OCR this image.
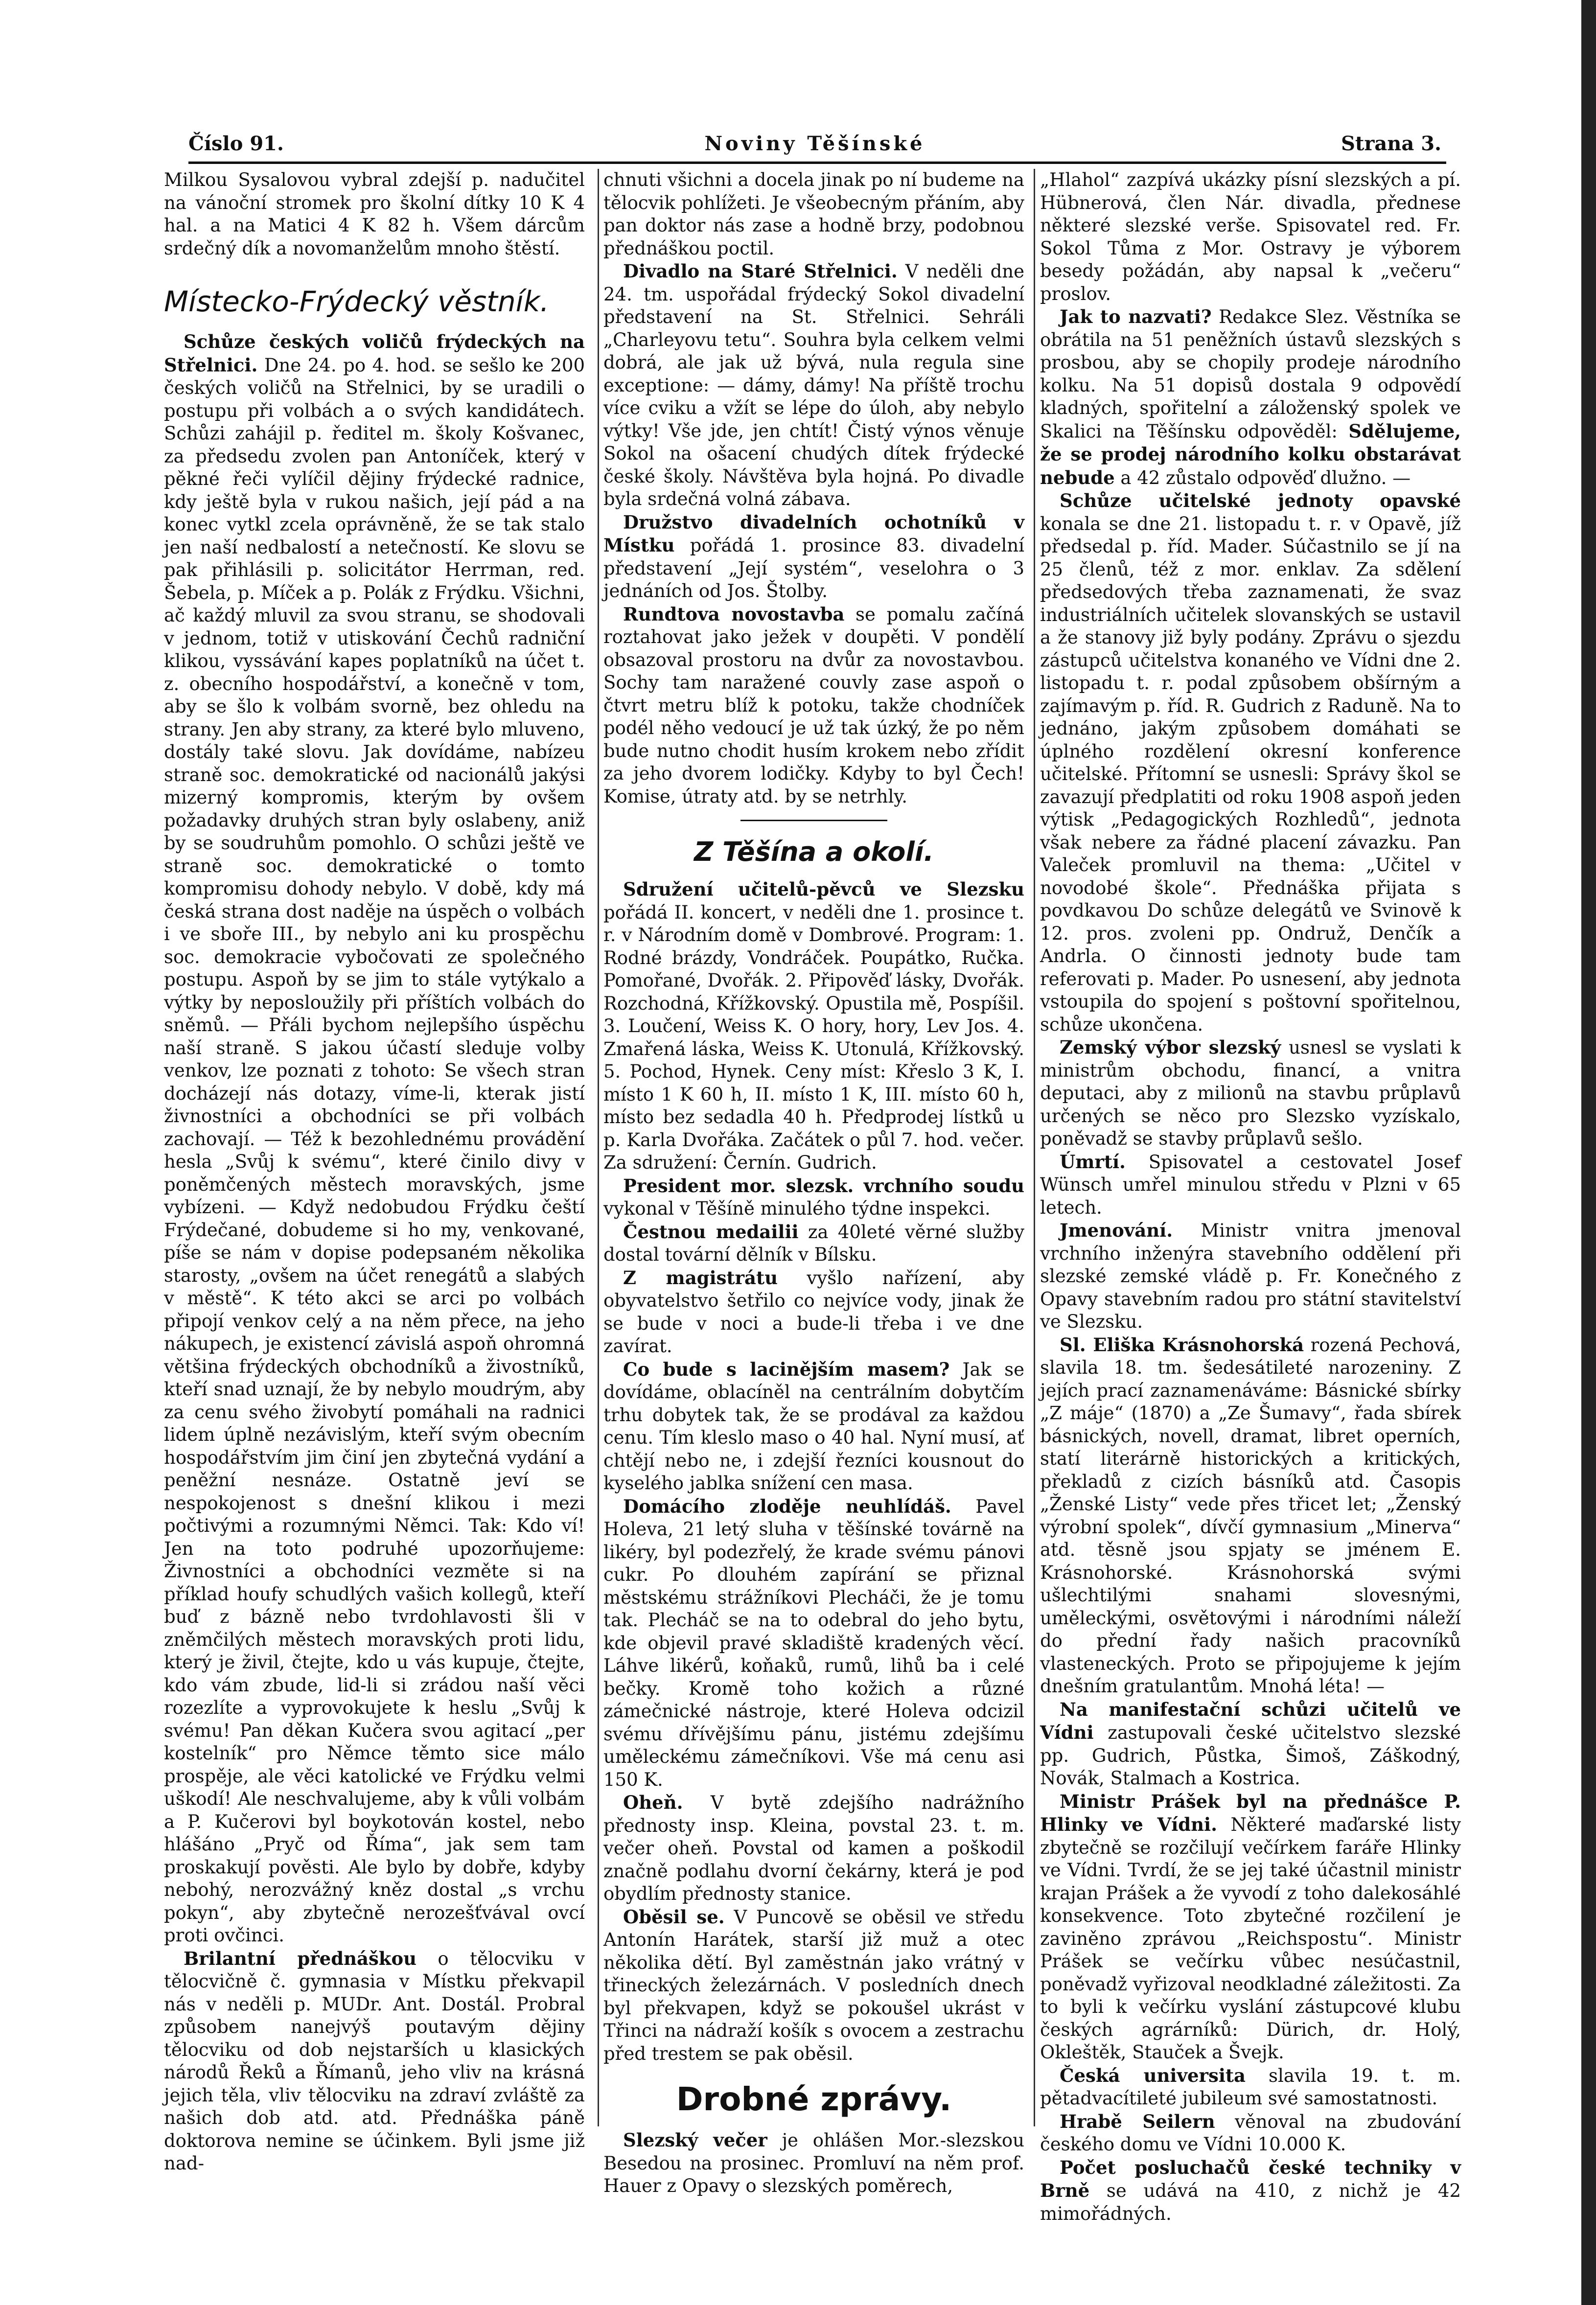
Číslo 91.	Noviny Těšínské	Strana 3.

Milkou Sysalovou vybral zdejší p. nadučitel na vánoční stromek pro školní dítky 10 K 4 hal. a na Matici 4 K 82 h. Všem dárcům srdečný dík a novomanželům mnoho štěstí.

Místecko-Frýdecký věstník.

Schůze českých voličů frýdeckých na Střelnici. Dne 24. po 4. hod. se sešlo ke 200 českých voličů na Střelnici, by se uradili o postupu při volbách a o svých kandidátech. Schůzi zahájil p. ředitel m. školy Košvanec, za předsedu zvolen pan Antoníček, který v pěkné řeči vylíčil dějiny frýdecké radnice, kdy ještě byla v rukou našich, její pád a na konec vytkl zcela oprávněně, že se tak stalo jen naší nedbalostí a netečností. Ke slovu se pak přihlásili p. solicitátor Herrman, red. Šebela, p. Míček a p. Polák z Frýdku. Všichni, ač každý mluvil za svou stranu, se shodovali v jednom, totiž v utiskování Čechů radniční klikou, vyssávání kapes poplatníků na účet t. z. obecního hospodářství, a konečně v tom, aby se šlo k volbám svorně, bez ohledu na strany. Jen aby strany, za které bylo mluveno, dostály také slovu. Jak dovídáme, nabízeu straně soc. demokratické od nacionálů jakýsi mizerný kompromis, kterým by ovšem požadavky druhých stran byly oslabeny, aniž by se soudruhům pomohlo. O schůzi ještě ve straně soc. demokratické o tomto kompromisu dohody nebylo. V době, kdy má česká strana dost naděje na úspěch o volbách i ve sboře III., by nebylo ani ku prospěchu soc. demokracie vybočovati ze společného postupu. Aspoň by se jim to stále vytýkalo a výtky by neposloužily při příštích volbách do sněmů. — Přáli bychom nejlepšího úspěchu naší straně. S jakou účastí sleduje volby venkov, lze poznati z tohoto: Se všech stran docházejí nás dotazy, víme-li, kterak jistí živnostníci a obchodníci se při volbách zachovají. — Též k bezohlednému provádění hesla „Svůj k svému“, které činilo divy v poněmčených městech moravských, jsme vybízeni. — Když nedobudou Frýdku čeští Frýdečané, dobudeme si ho my, venkované, píše se nám v dopise podepsaném několika starosty, „ovšem na účet renegátů a slabých v městě“. K této akci se arci po volbách připojí venkov celý a na něm přece, na jeho nákupech, je existencí závislá aspoň ohromná většina frýdeckých obchodníků a živostníků, kteří snad uznají, že by nebylo moudrým, aby za cenu svého živobytí pomáhali na radnici lidem úplně nezávislým, kteří svým obecním hospodářstvím jim činí jen zbytečná vydání a peněžní nesnáze. Ostatně jeví se nespokojenost s dnešní klikou i mezi počtivými a rozumnými Němci. Tak: Kdo ví! Jen na toto podruhé upozorňujeme: Živnostníci a obchodníci vezměte si na příklad houfy schudlých vašich kollegů, kteří buď z bázně nebo tvrdohlavosti šli v zněmčilých městech moravských proti lidu, který je živil, čtejte, kdo u vás kupuje, čtejte, kdo vám zbude, lid-li si zrádou naší věci rozezlíte a vyprovokujete k heslu „Svůj k svému! Pan děkan Kučera svou agitací „per kostelník“ pro Němce těmto sice málo prospěje, ale věci katolické ve Frýdku velmi uškodí! Ale neschvalujeme, aby k vůli volbám a P. Kučerovi byl boykotován kostel, nebo hlášáno „Pryč od Říma“, jak sem tam proskakují pověsti. Ale bylo by dobře, kdyby nebohý, nerozvážný kněz dostal „s vrchu pokyn“, aby zbytečně nerozešťvával ovcí proti ovčinci.

Brilantní přednáškou o tělocviku v tělocvičně č. gymnasia v Místku překvapil nás v neděli p. MUDr. Ant. Dostál. Probral způsobem nanejvýš poutavým dějiny tělocviku od dob nejstarších u klasických národů Řeků a Římanů, jeho vliv na krásná jejich těla, vliv tělocviku na zdraví zvláště za našich dob atd. atd. Přednáška páně doktorova nemine se účinkem. Byli jsme již nad-

chnuti všichni a docela jinak po ní budeme na tělocvik pohlížeti. Je všeobecným přáním, aby pan doktor nás zase a hodně brzy, podobnou přednáškou poctil.

Divadlo na Staré Střelnici. V neděli dne 24. tm. uspořádal frýdecký Sokol divadelní představení na St. Střelnici. Sehráli „Charleyovu tetu“. Souhra byla celkem velmi dobrá, ale jak už bývá, nula regula sine exceptione: — dámy, dámy! Na příště trochu více cviku a vžít se lépe do úloh, aby nebylo výtky! Vše jde, jen chtít! Čistý výnos věnuje Sokol na ošacení chudých dítek frýdecké české školy. Návštěva byla hojná. Po divadle byla srdečná volná zábava.

Družstvo divadelních ochotníků v Místku pořádá 1. prosince 83. divadelní představení „Její systém“, veselohra o 3 jednáních od Jos. Štolby.

Rundtova novostavba se pomalu začíná roztahovat jako ježek v doupěti. V pondělí obsazoval prostoru na dvůr za novostavbou. Sochy tam naražené couvly zase aspoň o čtvrt metru blíž k potoku, takže chodníček podél něho vedoucí je už tak úzký, že po něm bude nutno chodit husím krokem nebo zřídit za jeho dvorem lodičky. Kdyby to byl Čech! Komise, útraty atd. by se netrhly.

Z Těšína a okolí.

Sdružení učitelů-pěvců ve Slezsku pořádá II. koncert, v neděli dne 1. prosince t. r. v Národním domě v Dombrové. Program: 1. Rodné brázdy, Vondráček. Poupátko, Ručka. Pomořané, Dvořák. 2. Připověď lásky, Dvořák. Rozchodná, Křížkovský. Opustila mě, Pospíšil. 3. Loučení, Weiss K. O hory, hory, Lev Jos. 4. Zmařená láska, Weiss K. Utonulá, Křížkovský. 5. Pochod, Hynek. Ceny míst: Křeslo 3 K, I. místo 1 K 60 h, II. místo 1 K, III. místo 60 h, místo bez sedadla 40 h. Předprodej lístků u p. Karla Dvořáka. Začátek o půl 7. hod. večer. Za sdružení: Černín. Gudrich.

President mor. slezsk. vrchního soudu vykonal v Těšíně minulého týdne inspekci.

Čestnou medailii za 40leté věrné služby dostal tovární dělník v Bílsku.

Z magistrátu vyšlo nařízení, aby obyvatelstvo šetřilo co nejvíce vody, jinak že se bude v noci a bude-li třeba i ve dne zavírat.

Co bude s lacinějším masem? Jak se dovídáme, oblacíněl na centrálním dobytčím trhu dobytek tak, že se prodával za každou cenu. Tím kleslo maso o 40 hal. Nyní musí, ať chtějí nebo ne, i zdejší řezníci kousnout do kyselého jablka snížení cen masa.

Domácího zloděje neuhlídáš. Pavel Holeva, 21 letý sluha v těšínské továrně na likéry, byl podezřelý, že krade svému pánovi cukr. Po dlouhém zapírání se přiznal městskému strážníkovi Plecháči, že je tomu tak. Plecháč se na to odebral do jeho bytu, kde objevil pravé skladiště kradených věcí. Láhve likérů, koňaků, rumů, lihů ba i celé bečky. Kromě toho kožich a různé zámečnické nástroje, které Holeva odcizil svému dřívějšímu pánu, jistému zdejšímu uměleckému zámečníkovi. Vše má cenu asi 150 K.

Oheň. V bytě zdejšího nadrážního přednosty insp. Kleina, povstal 23. t. m. večer oheň. Povstal od kamen a poškodil značně podlahu dvorní čekárny, která je pod obydlím přednosty stanice.

Oběsil se. V Puncově se oběsil ve středu Antonín Harátek, starší již muž a otec několika dětí. Byl zaměstnán jako vrátný v třineckých železárnách. V posledních dnech byl překvapen, když se pokoušel ukrást v Třinci na nádraží košík s ovocem a zestrachu před trestem se pak oběsil.

Drobné zprávy.

Slezský večer je ohlášen Mor.-slezskou Besedou na prosinec. Promluví na něm prof. Hauer z Opavy o slezských poměrech,

„Hlahol“ zazpívá ukázky písní slezských a pí. Hübnerová, člen Nár. divadla, přednese některé slezské verše. Spisovatel red. Fr. Sokol Tůma z Mor. Ostravy je výborem besedy požádán, aby napsal k „večeru“ proslov.

Jak to nazvati? Redakce Slez. Věstníka se obrátila na 51 peněžních ústavů slezských s prosbou, aby se chopily prodeje národního kolku. Na 51 dopisů dostala 9 odpovědí kladných, spořitelní a záloženský spolek ve Skalici na Těšínsku odpověděl: Sdělujeme, že se prodej národního kolku obstarávat nebude a 42 zůstalo odpověď dlužno. —

Schůze učitelské jednoty opavské konala se dne 21. listopadu t. r. v Opavě, jíž předsedal p. říd. Mader. Súčastnilo se jí na 25 členů, též z mor. enklav. Za sdělení předsedových třeba zaznamenati, že svaz industriálních učitelek slovanských se ustavil a že stanovy již byly podány. Zprávu o sjezdu zástupců učitelstva konaného ve Vídni dne 2. listopadu t. r. podal způsobem obšírným a zajímavým p. říd. R. Gudrich z Raduně. Na to jednáno, jakým způsobem domáhati se úplného rozdělení okresní konference učitelské. Přítomní se usnesli: Správy škol se zavazují předplatiti od roku 1908 aspoň jeden výtisk „Pedagogických Rozhledů“, jednota však nebere za řádné placení závazku. Pan Valeček promluvil na thema: „Učitel v novodobé škole“. Přednáška přijata s povdkavou Do schůze delegátů ve Svinově k 12. pros. zvoleni pp. Ondruž, Denčík a Andrla. O činnosti jednoty bude tam referovati p. Mader. Po usnesení, aby jednota vstoupila do spojení s poštovní spořitelnou, schůze ukončena.

Zemský výbor slezský usnesl se vyslati k ministrům obchodu, financí, a vnitra deputaci, aby z milionů na stavbu průplavů určených se něco pro Slezsko vyzískalo, poněvadž se stavby průplavů sešlo.

Úmrtí. Spisovatel a cestovatel Josef Wünsch umřel minulou středu v Plzni v 65 letech.

Jmenování. Ministr vnitra jmenoval vrchního inženýra stavebního oddělení při slezské zemské vládě p. Fr. Konečného z Opavy stavebním radou pro státní stavitelství ve Slezsku.

Sl. Eliška Krásnohorská rozená Pechová, slavila 18. tm. šedesátileté narozeniny. Z jejích prací zaznamenáváme: Básnické sbírky „Z máje“ (1870) a „Ze Šumavy“, řada sbírek básnických, novell, dramat, libret operních, statí literárně historických a kritických, překladů z cizích básníků atd. Časopis „Ženské Listy“ vede přes třicet let; „Ženský výrobní spolek“, dívčí gymnasium „Minerva“ atd. těsně jsou spjaty se jménem E. Krásnohorské. Krásnohorská svými ušlechtilými snahami slovesnými, uměleckými, osvětovými i národními náleží do přední řady našich pracovníků vlasteneckých. Proto se připojujeme k jejím dnešním gratulantům. Mnohá léta! —

Na manifestační schůzi učitelů ve Vídni zastupovali české učitelstvo slezské pp. Gudrich, Půstka, Šimoš, Záškodný, Novák, Stalmach a Kostrica.

Ministr Prášek byl na přednášce P. Hlinky ve Vídni. Některé maďarské listy zbytečně se rozčilují večírkem faráře Hlinky ve Vídni. Tvrdí, že se jej také účastnil ministr krajan Prášek a že vyvodí z toho dalekosáhlé konsekvence. Toto zbytečné rozčilení je zaviněno zprávou „Reichspostu“. Ministr Prášek se večírku vůbec nesúčastnil, poněvadž vyřizoval neodkladné záležitosti. Za to byli k večírku vyslání zástupcové klubu českých agrárníků: Dürich, dr. Holý, Okleštěk, Stauček a Švejk.

Česká universita slavila 19. t. m. pětadvacítileté jubileum své samostatnosti.

Hrabě Seilern věnoval na zbudování českého domu ve Vídni 10.000 K.

Počet posluchačů české techniky v Brně se udává na 410, z nichž je 42 mimořádných.
